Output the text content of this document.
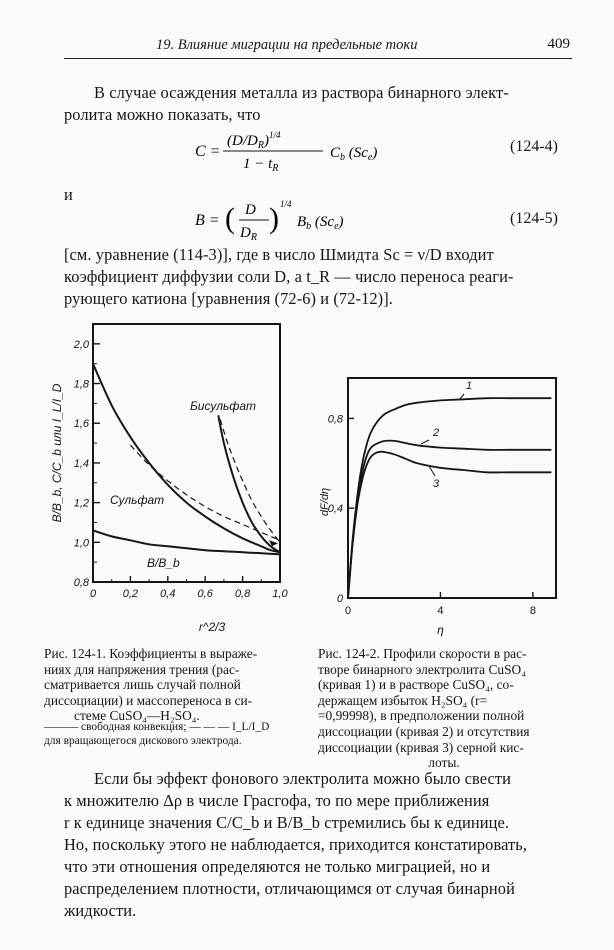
19. Влияние миграции на предельные токи	409
В случае осаждения металла из раствора бинарного элект-
ролита можно показать, что
C =
$(D/D_R)^{1/4}$
$1 - t_R$
$C_b$ $(Sc_e)$	(124-4)
и
B = ( D
$D_R$
) 1/4
$B_b$ $(Sc_e)$	(124-5)
[см. уравнение (114-3)], где в число Шмидта Sc = ν/D входит
коэффициент диффузии соли D, а t_R — число переноса реаги-
рующего катиона [уравнения (72-6) и (72-12)].
0 0,2 0,4 0,6 0,8 1,0
0,8
1,0
1,2
1,4
1,6
1,8
2,0
Бисульфат
Сульфат
B/B_b
B/B_b, C/C_b или I_L/I_D
r^2/3
0	4	8
0
0,4
0,8
1
2
3
dF/dη
η
Рис. 124-1. Коэффициенты в выраже-
ниях для напряжения трения (рас-
сматривается лишь случай полной
диссоциации) и массопереноса в си-
стеме CuSO₄—H₂SO₄.
——— свободная конвекция; — — — I_L/I_D
для вращающегося дискового электрода.
Рис. 124-2. Профили скорости в рас-
творе бинарного электролита CuSO₄
(кривая 1) и в растворе CuSO₄, со-
держащем избыток H₂SO₄ (r=
=0,99998), в предположении полной
диссоциации (кривая 2) и отсутствия
диссоциации (кривая 3) серной кис-
лоты.
Если бы эффект фонового электролита можно было свести
к множителю Δρ в числе Грасгофа, то по мере приближения
r к единице значения C/C_b и B/B_b стремились бы к единице.
Но, поскольку этого не наблюдается, приходится констатировать,
что эти отношения определяются не только миграцией, но и
распределением плотности, отличающимся от случая бинарной
жидкости.
